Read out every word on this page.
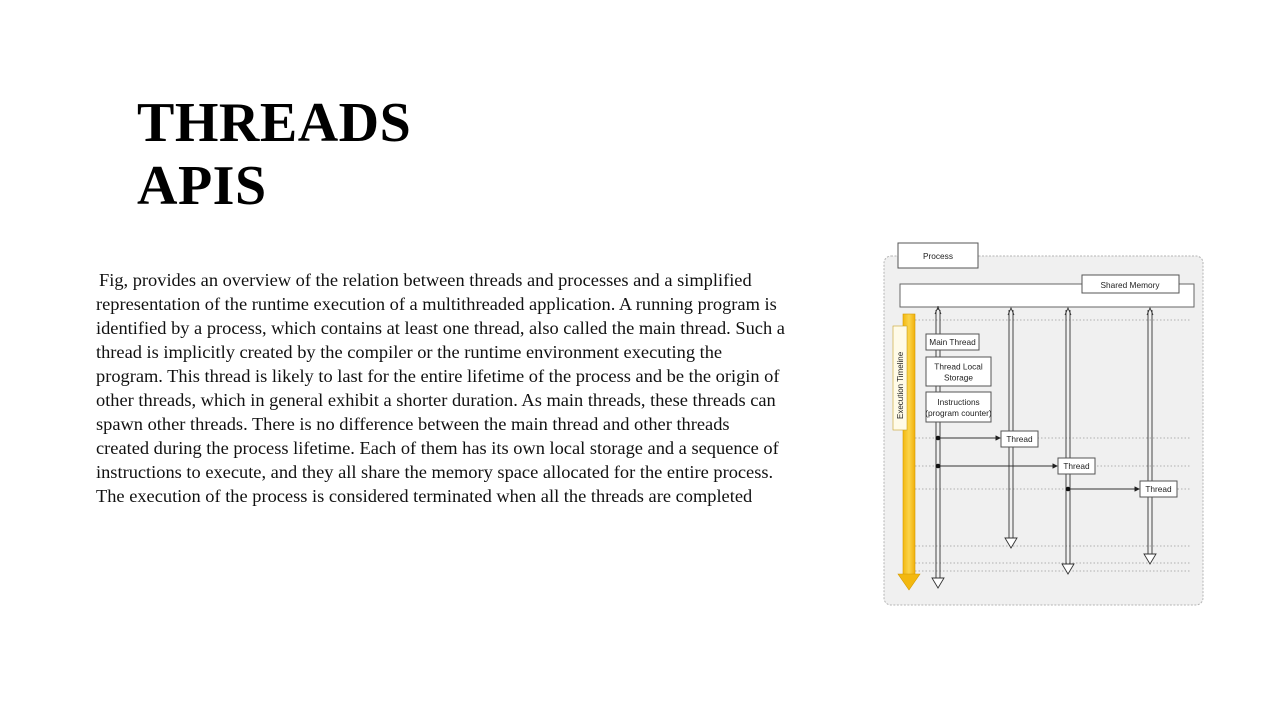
THREADS
APIS
Fig, provides an overview of the relation between threads and processes and a simplified
representation of the runtime execution of a multithreaded application. A running program is
identified by a process, which contains at least one thread, also called the main thread. Such a
thread is implicitly created by the compiler or the runtime environment executing the
program. This thread is likely to last for the entire lifetime of the process and be the origin of
other threads, which in general exhibit a shorter duration. As main threads, these threads can
spawn other threads. There is no difference between the main thread and other threads
created during the process lifetime. Each of them has its own local storage and a sequence of
instructions to execute, and they all share the memory space allocated for the entire process.
The execution of the process is considered terminated when all the threads are completed
Process
Shared Memory
Execution Timeline
Main Thread
Thread Local
Storage
Instructions
(program counter)
Thread
Thread
Thread
